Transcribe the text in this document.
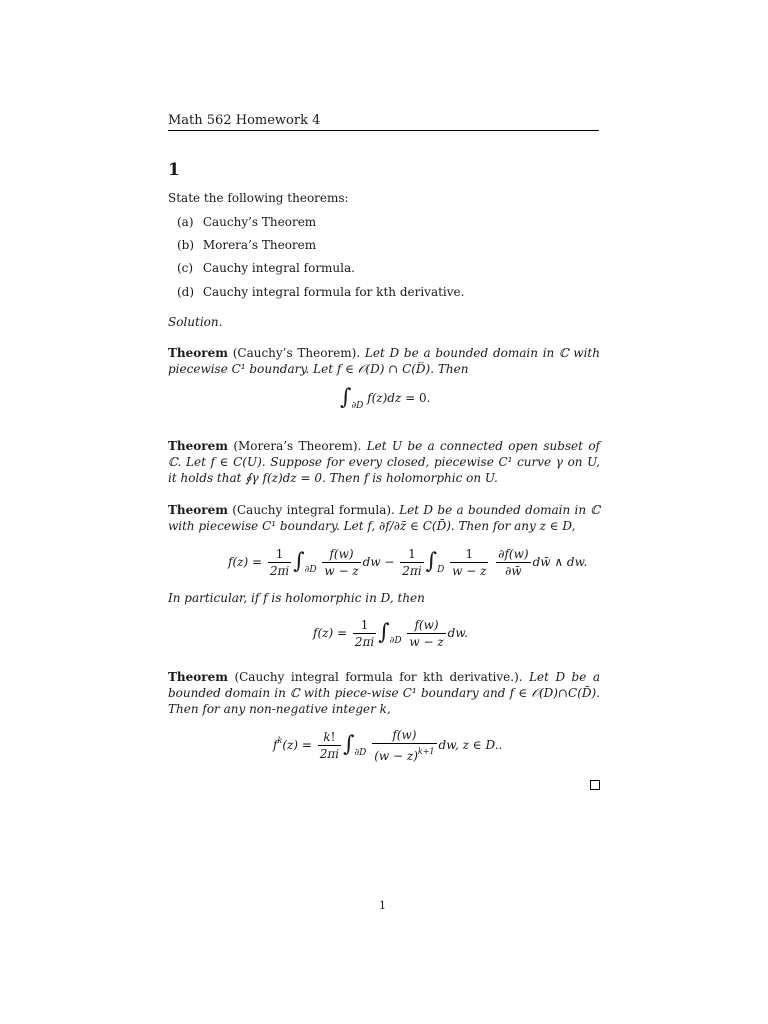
Math 562 Homework 4
1
State the following theorems:
(a) Cauchy’s Theorem
(b) Morera’s Theorem
(c) Cauchy integral formula.
(d) Cauchy integral formula for kth derivative.
Solution.
Theorem (Cauchy’s Theorem). Let D be a bounded domain in ℂ with piecewise C¹ boundary. Let f ∈ 𝒪(D) ∩ C(D̅). Then
$\int_{\partial D}$ f(z)dz = 0.
Theorem (Morera’s Theorem). Let U be a connected open subset of ℂ. Let f ∈ C(U). Suppose for every closed, piecewise C¹ curve γ on U, it holds that ∮γ f(z)dz = 0. Then f is holomorphic on U.
Theorem (Cauchy integral formula). Let D be a bounded domain in ℂ with piecewise C¹ boundary. Let f, ∂f/∂z̄ ∈ C(D̄). Then for any z ∈ D,
$f(z) = \frac{1}{2\pi i} \int_{\partial D} \frac{f(w)}{w - z}$ dw − $\frac{1}{2\pi i} \int_D \frac{1}{w - z}$
$\frac{\partial f(w)}{\partial w̄}$ dw̄ ∧ dw.
In particular, if f is holomorphic in D, then
$f(z) = \frac{1}{2\pi i} \int_{\partial D} \frac{f(w)}{w - z}$ dw.
Theorem (Cauchy integral formula for kth derivative.). Let D be a bounded domain in ℂ with piece-wise C¹ boundary and f ∈ 𝒪(D)∩C(D̄). Then for any non-negative integer k,
$f^k(z) = \frac{k!}{2\pi i} \int_{\partial D} \frac{f(w)}{(w - z)^{k+1}}$ dw, z ∈ D..
1
